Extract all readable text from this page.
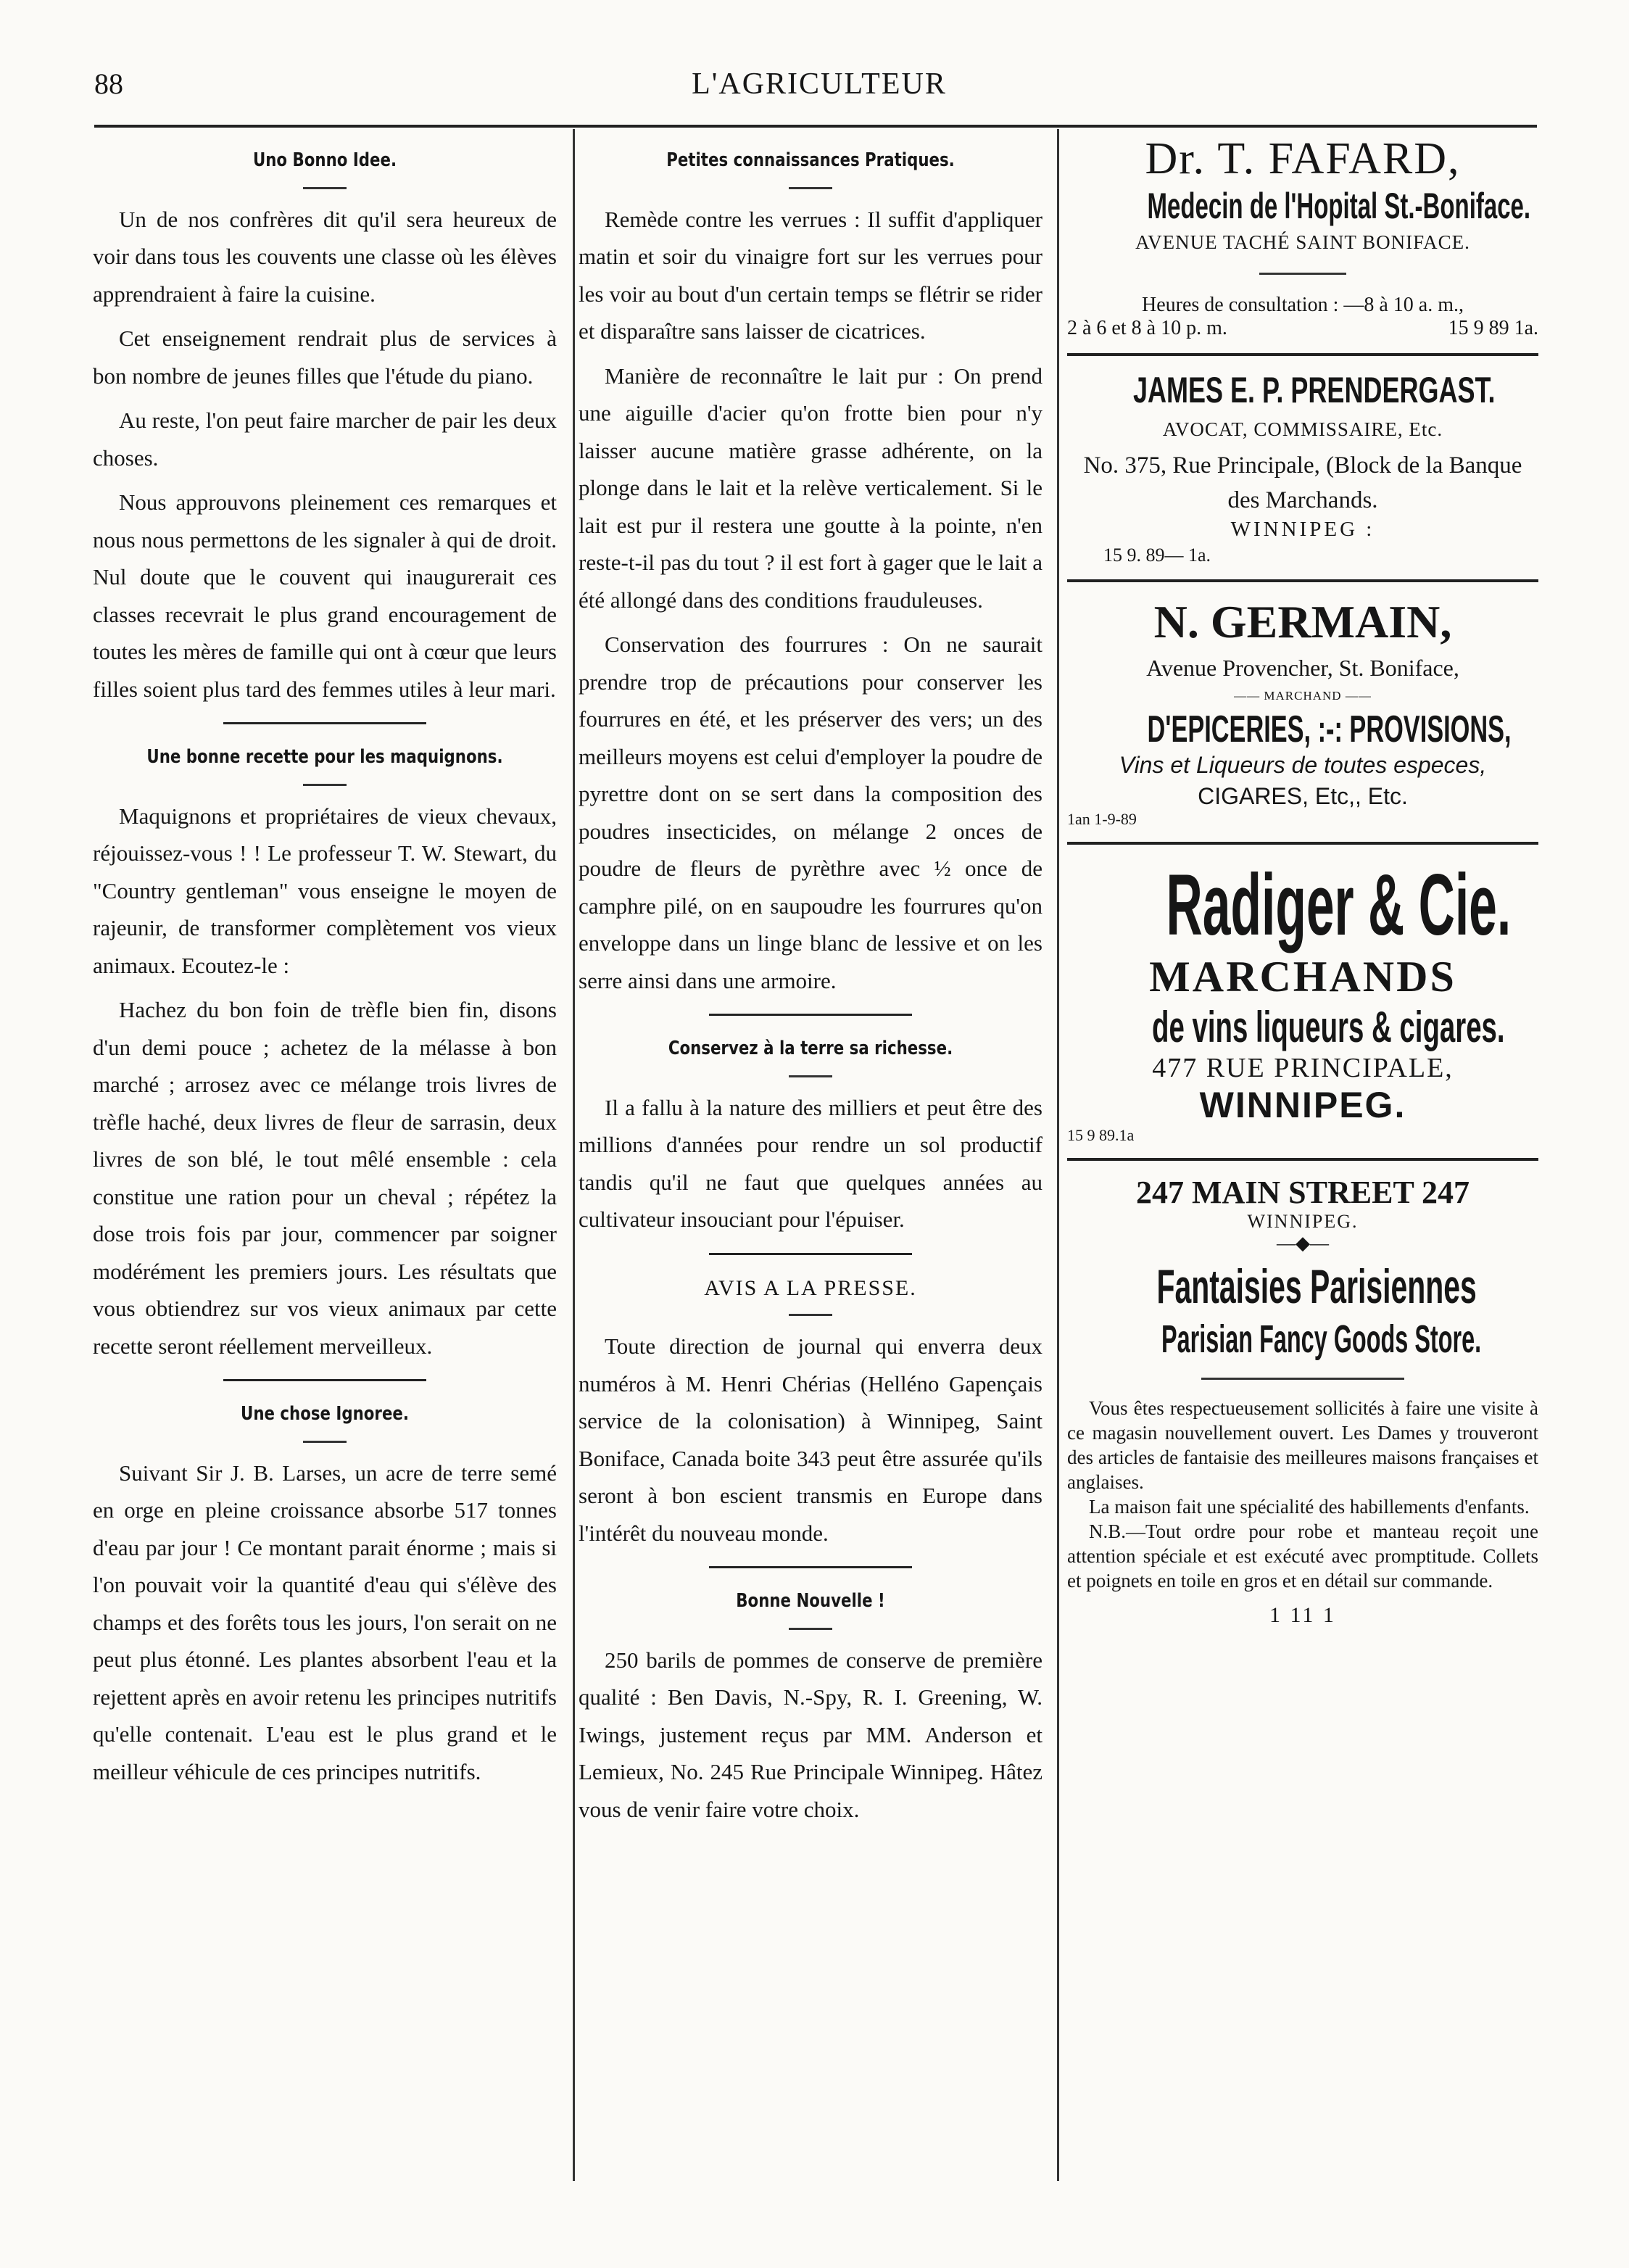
88	L'AGRICULTEUR
Uno Bonno Idee.

Un de nos confrères dit qu'il sera heureux de voir dans tous les couvents une classe où les élèves apprendraient à faire la cuisine.

Cet enseignement rendrait plus de services à bon nombre de jeunes filles que l'étude du piano.

Au reste, l'on peut faire marcher de pair les deux choses.

Nous approuvons pleinement ces remarques et nous nous permettons de les signaler à qui de droit. Nul doute que le couvent qui inaugurerait ces classes recevrait le plus grand encouragement de toutes les mères de famille qui ont à cœur que leurs filles soient plus tard des femmes utiles à leur mari.

Une bonne recette pour les maquignons.

Maquignons et propriétaires de vieux chevaux, réjouissez-vous ! ! Le professeur T. W. Stewart, du "Country gentleman" vous enseigne le moyen de rajeunir, de transformer complètement vos vieux animaux. Ecoutez-le :

Hachez du bon foin de trèfle bien fin, disons d'un demi pouce ; achetez de la mélasse à bon marché ; arrosez avec ce mélange trois livres de trèfle haché, deux livres de fleur de sarrasin, deux livres de son blé, le tout mêlé ensemble : cela constitue une ration pour un cheval ; répétez la dose trois fois par jour, commencer par soigner modérément les premiers jours. Les résultats que vous obtiendrez sur vos vieux animaux par cette recette seront réellement merveilleux.

Une chose Ignoree.

Suivant Sir J. B. Larses, un acre de terre semé en orge en pleine croissance absorbe 517 tonnes d'eau par jour ! Ce montant parait énorme ; mais si l'on pouvait voir la quantité d'eau qui s'élève des champs et des forêts tous les jours, l'on serait on ne peut plus étonné. Les plantes absorbent l'eau et la rejettent après en avoir retenu les principes nutritifs qu'elle contenait. L'eau est le plus grand et le meilleur véhicule de ces principes nutritifs.

Petites connaissances Pratiques.

Remède contre les verrues : Il suffit d'appliquer matin et soir du vinaigre fort sur les verrues pour les voir au bout d'un certain temps se flétrir se rider et disparaître sans laisser de cicatrices.

Manière de reconnaître le lait pur : On prend une aiguille d'acier qu'on frotte bien pour n'y laisser aucune matière grasse adhérente, on la plonge dans le lait et la relève verticalement. Si le lait est pur il restera une goutte à la pointe, n'en reste-t-il pas du tout ? il est fort à gager que le lait a été allongé dans des conditions frauduleuses.

Conservation des fourrures : On ne saurait prendre trop de précautions pour conserver les fourrures en été, et les préserver des vers; un des meilleurs moyens est celui d'employer la poudre de pyrettre dont on se sert dans la composition des poudres insecticides, on mélange 2 onces de poudre de fleurs de pyrèthre avec ½ once de camphre pilé, on en saupoudre les fourrures qu'on enveloppe dans un linge blanc de lessive et on les serre ainsi dans une armoire.

Conservez à la terre sa richesse.

Il a fallu à la nature des milliers et peut être des millions d'années pour rendre un sol productif tandis qu'il ne faut que quelques années au cultivateur insouciant pour l'épuiser.

AVIS A LA PRESSE.

Toute direction de journal qui enverra deux numéros à M. Henri Chérias (Helléno Gapençais service de la colonisation) à Winnipeg, Saint Boniface, Canada boite 343 peut être assurée qu'ils seront à bon escient transmis en Europe dans l'intérêt du nouveau monde.

Bonne Nouvelle !

250 barils de pommes de conserve de première qualité : Ben Davis, N.-Spy, R. I. Greening, W. Iwings, justement reçus par MM. Anderson et Lemieux, No. 245 Rue Principale Winnipeg. Hâtez vous de venir faire votre choix.

Dr. T. FAFARD,
Medecin de l'Hopital St.-Boniface.
AVENUE TACHÉ SAINT BONIFACE.
Heures de consultation : —8 à 10 a. m.,
2 à 6 et 8 à 10 p. m.	15 9 89 1a.
JAMES E. P. PRENDERGAST.
AVOCAT, COMMISSAIRE, Etc.
No. 375, Rue Principale, (Block de la Banque des Marchands.
WINNIPEG :
15 9. 89— 1a.
N. GERMAIN,
Avenue Provencher, St. Boniface,
—— MARCHAND ——
D'EPICERIES, :-: PROVISIONS,
Vins et Liqueurs de toutes especes,
CIGARES, Etc,, Etc.
1an 1-9-89
Radiger & Cie.
MARCHANDS
de vins liqueurs & cigares.
477 RUE PRINCIPALE,
WINNIPEG.
15 9 89.1a
247 MAIN STREET 247
WINNIPEG.
—◆—
Fantaisies Parisiennes
Parisian Fancy Goods Store.
Vous êtes respectueusement sollicités à faire une visite à ce magasin nouvellement ouvert. Les Dames y trouveront des articles de fantaisie des meilleures maisons françaises et anglaises.
La maison fait une spécialité des habillements d'enfants.
N.B.—Tout ordre pour robe et manteau reçoit une attention spéciale et est exécuté avec promptitude. Collets et poignets en toile en gros et en détail sur commande.
1 11 1
